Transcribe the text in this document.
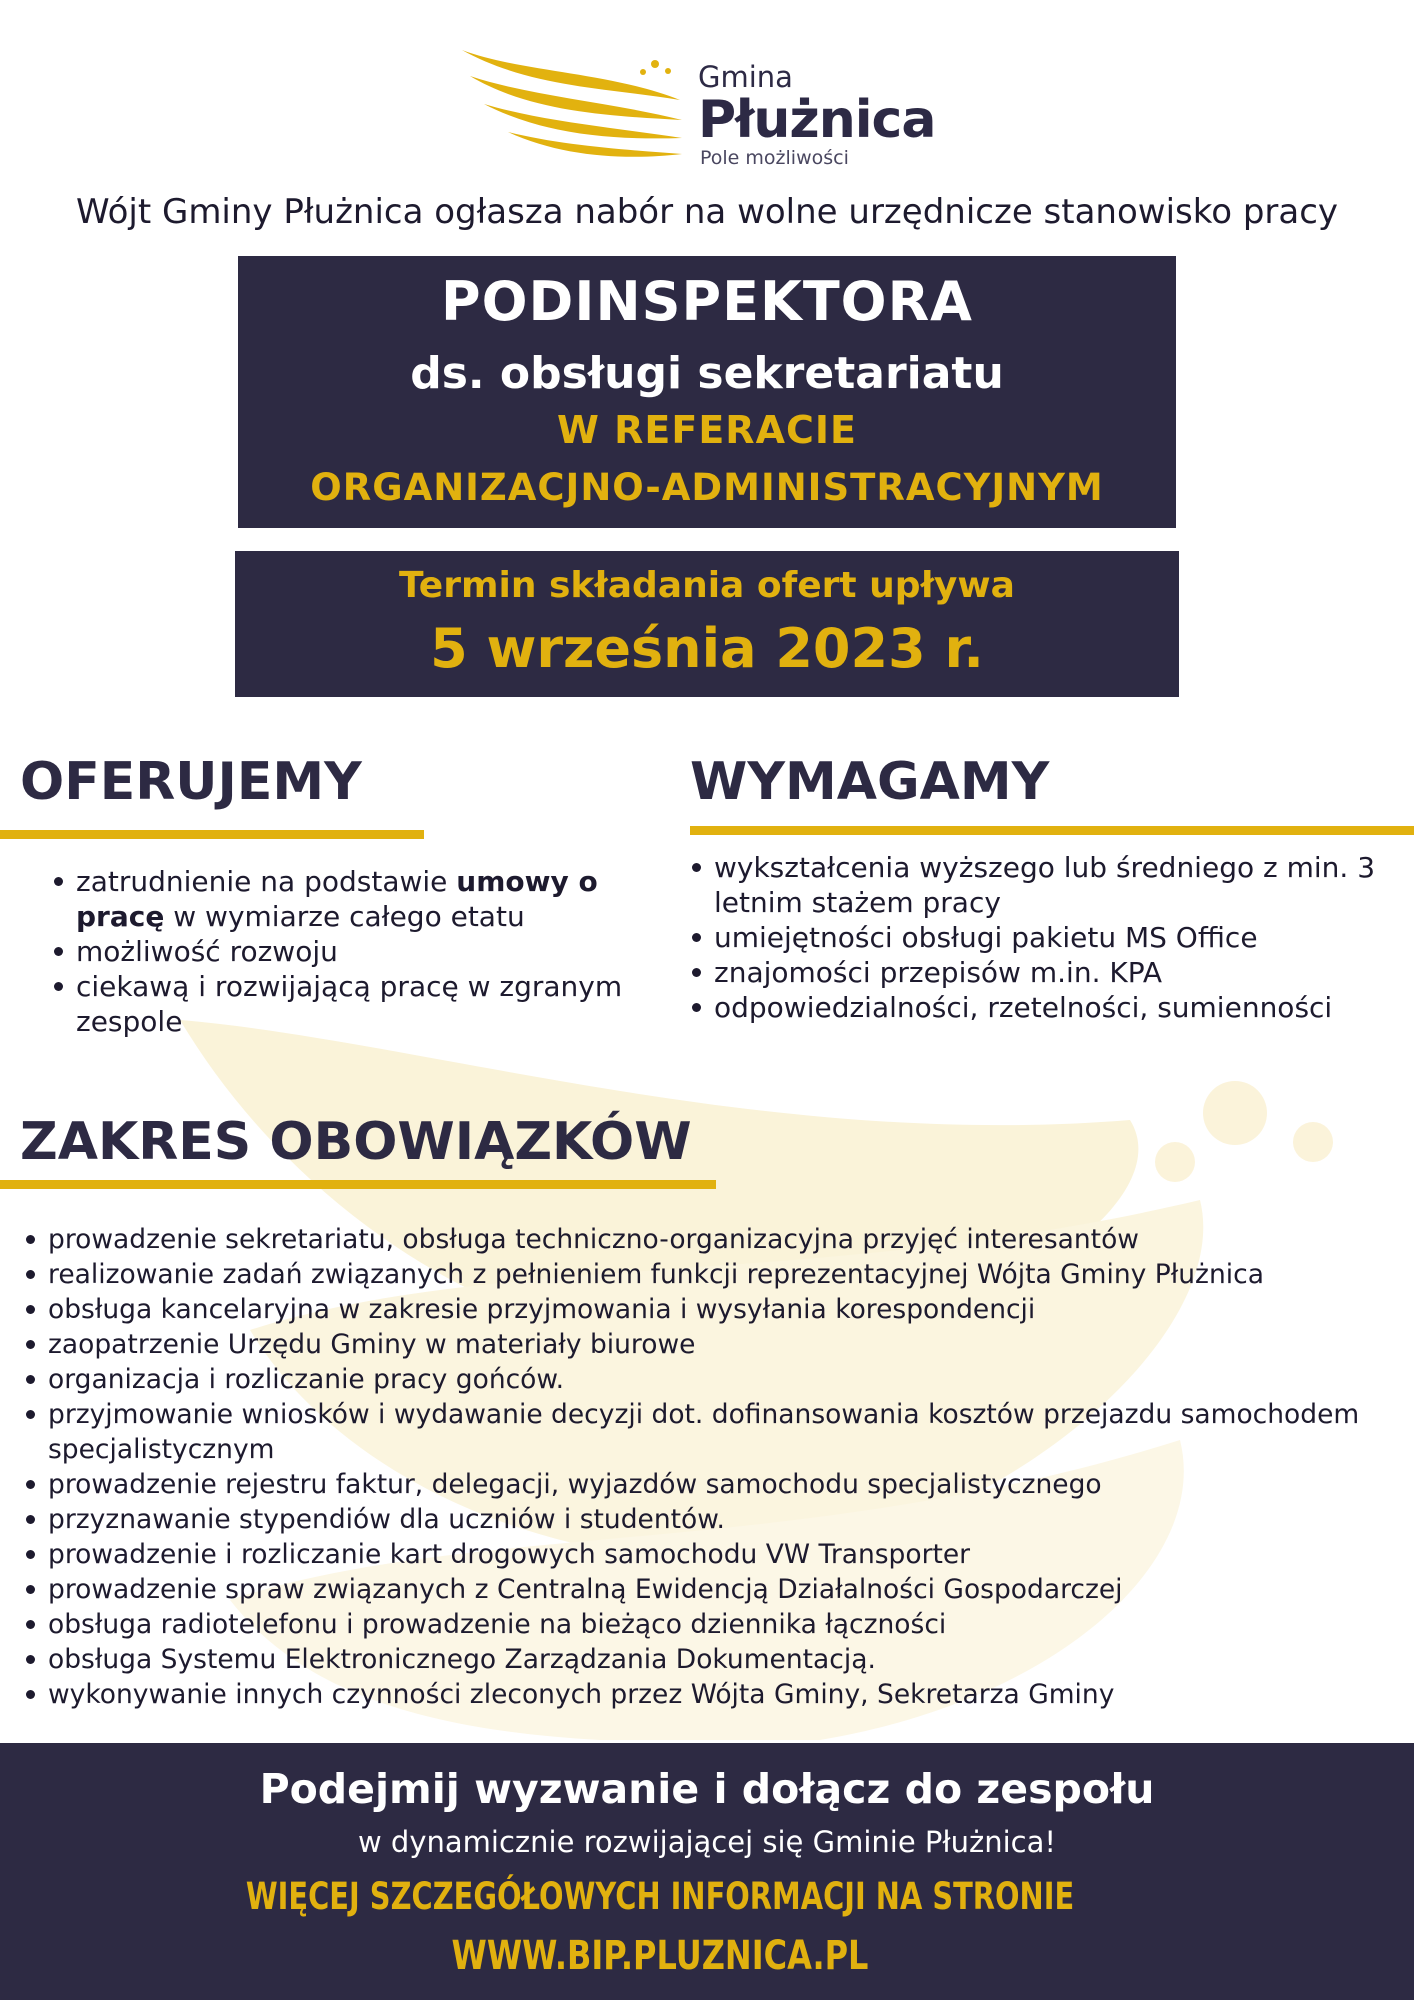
Gmina
Płużnica
Pole możliwości
Wójt Gminy Płużnica ogłasza nabór na wolne urzędnicze stanowisko pracy
PODINSPEKTORA
ds. obsługi sekretariatu
W REFERACIE
ORGANIZACJNO-ADMINISTRACYJNYM
Termin składania ofert upływa
5 września 2023 r.
OFERUJEMY
zatrudnienie na podstawie umowy o pracę w wymiarze całego etatu
możliwość rozwoju
ciekawą i rozwijającą pracę w zgranym zespole
WYMAGAMY
wykształcenia wyższego lub średniego z min. 3 letnim stażem pracy
umiejętności obsługi pakietu MS Office
znajomości przepisów m.in. KPA
odpowiedzialności, rzetelności, sumienności
ZAKRES OBOWIĄZKÓW
prowadzenie sekretariatu, obsługa techniczno-organizacyjna przyjęć interesantów
realizowanie zadań związanych z pełnieniem funkcji reprezentacyjnej Wójta Gminy Płużnica
obsługa kancelaryjna w zakresie przyjmowania i wysyłania korespondencji
zaopatrzenie Urzędu Gminy w materiały biurowe
organizacja i rozliczanie pracy gońców.
przyjmowanie wniosków i wydawanie decyzji dot. dofinansowania kosztów przejazdu samochodem specjalistycznym
prowadzenie rejestru faktur, delegacji, wyjazdów samochodu specjalistycznego
przyznawanie stypendiów dla uczniów i studentów.
prowadzenie i rozliczanie kart drogowych samochodu VW Transporter
prowadzenie spraw związanych z Centralną Ewidencją Działalności Gospodarczej
obsługa radiotelefonu i prowadzenie na bieżąco dziennika łączności
obsługa Systemu Elektronicznego Zarządzania Dokumentacją.
wykonywanie innych czynności zleconych przez Wójta Gminy, Sekretarza Gminy
Podejmij wyzwanie i dołącz do zespołu
w dynamicznie rozwijającej się Gminie Płużnica!
WIĘCEJ SZCZEGÓŁOWYCH INFORMACJI NA STRONIE
WWW.BIP.PLUZNICA.PL
